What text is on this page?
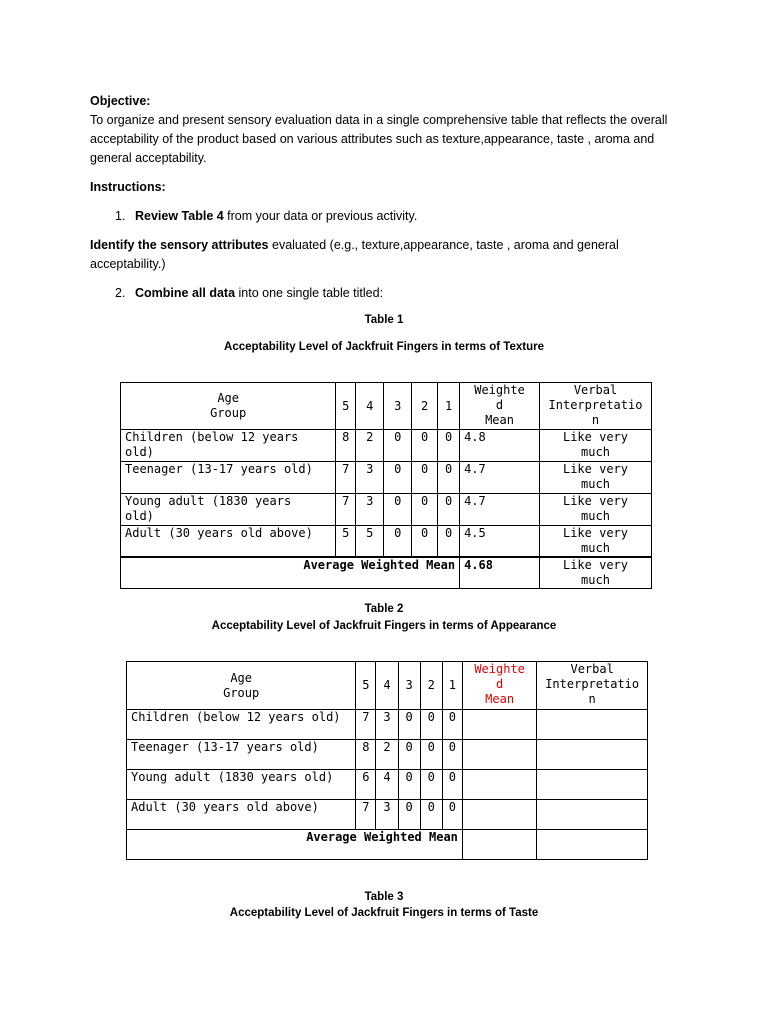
Objective:
To organize and present sensory evaluation data in a single comprehensive table that reflects the overall
acceptability of the product based on various attributes such as texture,appearance, taste , aroma and
general acceptability.
Instructions:
1. Review Table 4 from your data or previous activity.
Identify the sensory attributes evaluated (e.g., texture,appearance, taste , aroma and general
acceptability.)
2. Combine all data into one single table titled:
Table 1
Acceptability Level of Jackfruit Fingers in terms of Texture
Age
Group	5	4	3	2	1	Weighte
d
Mean	Verbal
Interpretatio
n
Children (below 12 years
old)	8	2	0	0	0	4.8	Like very
much
Teenager (13-17 years old)	7	3	0	0	0	4.7	Like very
much
Young adult (1830 years
old)	7	3	0	0	0	4.7	Like very
much
Adult (30 years old above)	5	5	0	0	0	4.5	Like very
much
Average Weighted Mean						4.68	Like very
much
Table 2
Acceptability Level of Jackfruit Fingers in terms of Appearance
Age
Group	5	4	3	2	1	Weighte
d
Mean	Verbal
Interpretatio
n
Children (below 12 years old)	7	3	0	0	0		
Teenager (13-17 years old)	8	2	0	0	0		
Young adult (1830 years old)	6	4	0	0	0		
Adult (30 years old above)	7	3	0	0	0		
Average Weighted Mean							
Table 3
Acceptability Level of Jackfruit Fingers in terms of Taste
